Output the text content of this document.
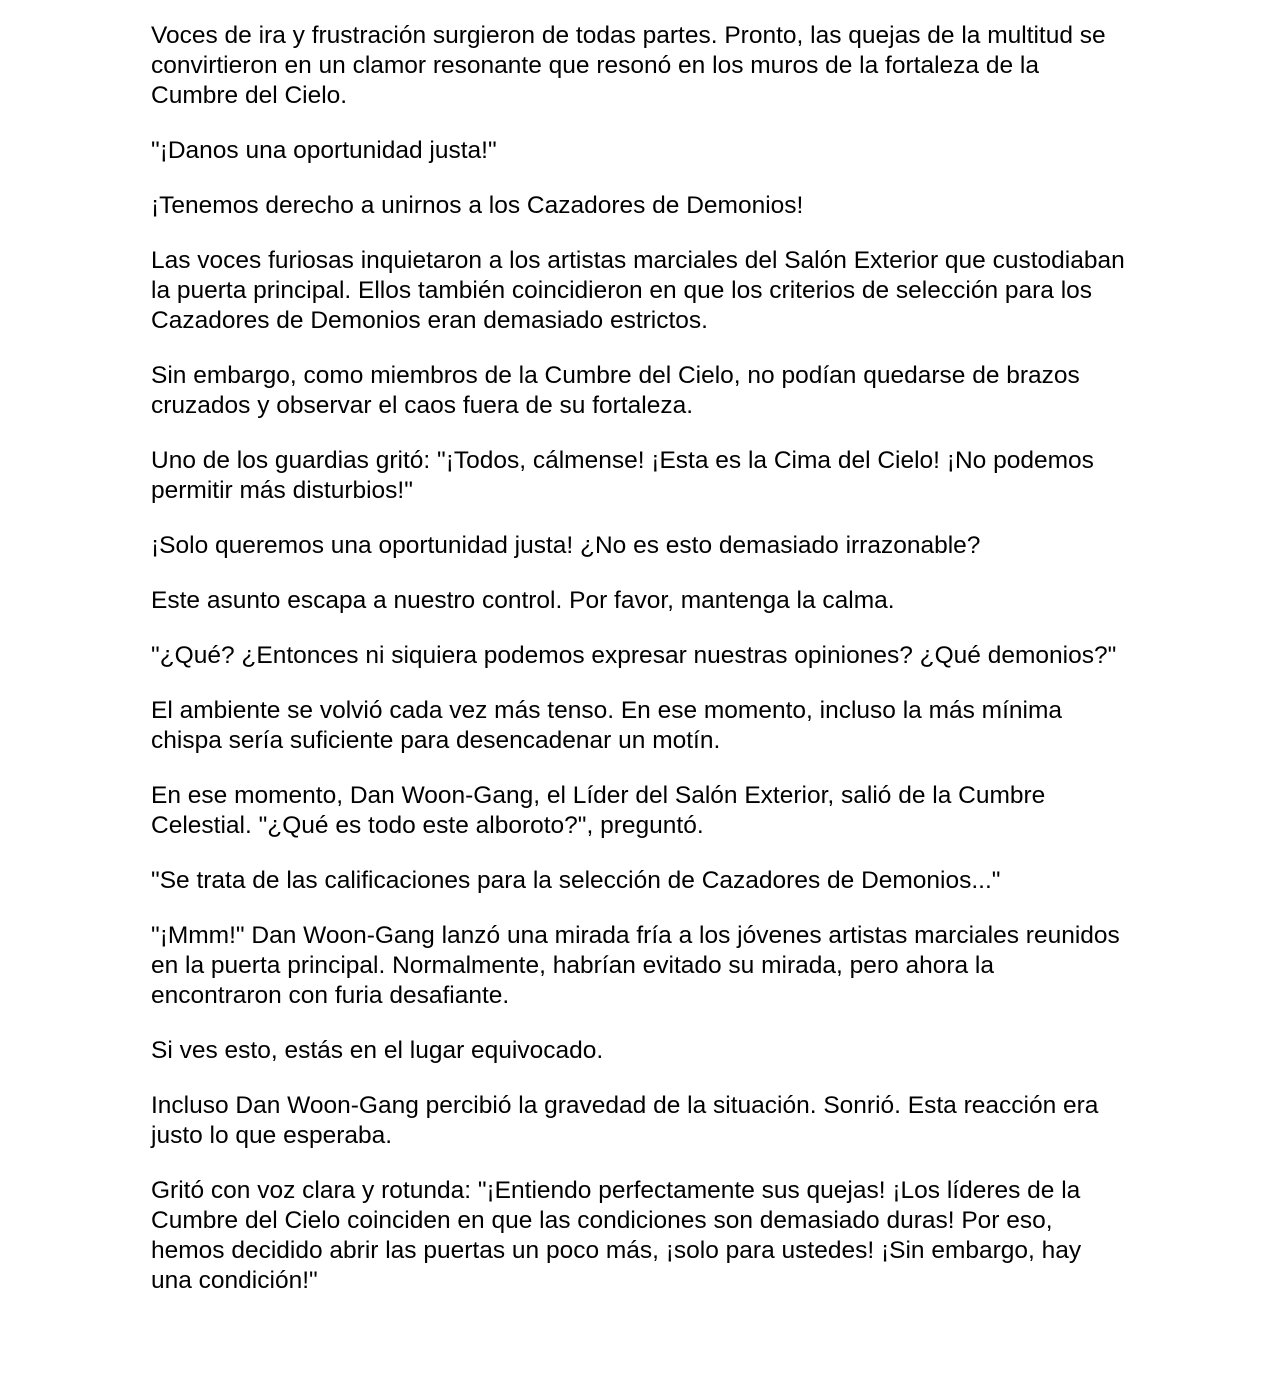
Voces de ira y frustración surgieron de todas partes. Pronto, las quejas de la multitud se convirtieron en un clamor resonante que resonó en los muros de la fortaleza de la Cumbre del Cielo.

"¡Danos una oportunidad justa!"

¡Tenemos derecho a unirnos a los Cazadores de Demonios!

Las voces furiosas inquietaron a los artistas marciales del Salón Exterior que custodiaban la puerta principal. Ellos también coincidieron en que los criterios de selección para los Cazadores de Demonios eran demasiado estrictos.

Sin embargo, como miembros de la Cumbre del Cielo, no podían quedarse de brazos cruzados y observar el caos fuera de su fortaleza.

Uno de los guardias gritó: "¡Todos, cálmense! ¡Esta es la Cima del Cielo! ¡No podemos permitir más disturbios!"

¡Solo queremos una oportunidad justa! ¿No es esto demasiado irrazonable?

Este asunto escapa a nuestro control. Por favor, mantenga la calma.

"¿Qué? ¿Entonces ni siquiera podemos expresar nuestras opiniones? ¿Qué demonios?"

El ambiente se volvió cada vez más tenso. En ese momento, incluso la más mínima chispa sería suficiente para desencadenar un motín.

En ese momento, Dan Woon-Gang, el Líder del Salón Exterior, salió de la Cumbre Celestial. "¿Qué es todo este alboroto?", preguntó.

"Se trata de las calificaciones para la selección de Cazadores de Demonios..."

"¡Mmm!" Dan Woon-Gang lanzó una mirada fría a los jóvenes artistas marciales reunidos en la puerta principal. Normalmente, habrían evitado su mirada, pero ahora la encontraron con furia desafiante.

Si ves esto, estás en el lugar equivocado.

Incluso Dan Woon-Gang percibió la gravedad de la situación. Sonrió. Esta reacción era justo lo que esperaba.

Gritó con voz clara y rotunda: "¡Entiendo perfectamente sus quejas! ¡Los líderes de la Cumbre del Cielo coinciden en que las condiciones son demasiado duras! Por eso, hemos decidido abrir las puertas un poco más, ¡solo para ustedes! ¡Sin embargo, hay una condición!"
